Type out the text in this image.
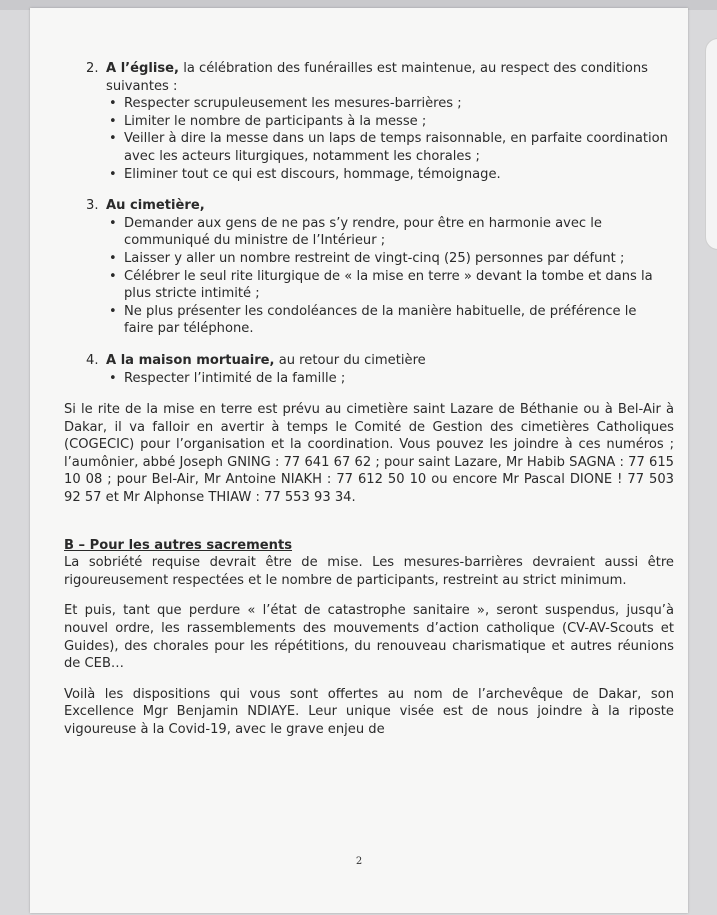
2. A l’église, la célébration des funérailles est maintenue, au respect des conditions suivantes :
• Respecter scrupuleusement les mesures-barrières ;
• Limiter le nombre de participants à la messe ;
• Veiller à dire la messe dans un laps de temps raisonnable, en parfaite coordination avec les acteurs liturgiques, notamment les chorales ;
• Eliminer tout ce qui est discours, hommage, témoignage.
3. Au cimetière,
• Demander aux gens de ne pas s’y rendre, pour être en harmonie avec le communiqué du ministre de l’Intérieur ;
• Laisser y aller un nombre restreint de vingt-cinq (25) personnes par défunt ;
• Célébrer le seul rite liturgique de « la mise en terre » devant la tombe et dans la plus stricte intimité ;
• Ne plus présenter les condoléances de la manière habituelle, de préférence le faire par téléphone.
4. A la maison mortuaire, au retour du cimetière
• Respecter l’intimité de la famille ;

Si le rite de la mise en terre est prévu au cimetière saint Lazare de Béthanie ou à Bel-Air à Dakar, il va falloir en avertir à temps le Comité de Gestion des cimetières Catholiques (COGECIC) pour l’organisation et la coordination. Vous pouvez les joindre à ces numéros ; l’aumônier, abbé Joseph GNING : 77 641 67 62 ; pour saint Lazare, Mr Habib SAGNA : 77 615 10 08 ; pour Bel-Air, Mr Antoine NIAKH : 77 612 50 10 ou encore Mr Pascal DIONE ! 77 503 92 57 et Mr Alphonse THIAW : 77 553 93 34.

B – Pour les autres sacrements

La sobriété requise devrait être de mise. Les mesures-barrières devraient aussi être rigoureusement respectées et le nombre de participants, restreint au strict minimum.

Et puis, tant que perdure « l’état de catastrophe sanitaire », seront suspendus, jusqu’à nouvel ordre, les rassemblements des mouvements d’action catholique (CV-AV-Scouts et Guides), des chorales pour les répétitions, du renouveau charismatique et autres réunions de CEB…

Voilà les dispositions qui vous sont offertes au nom de l’archevêque de Dakar, son Excellence Mgr Benjamin NDIAYE. Leur unique visée est de nous joindre à la riposte vigoureuse à la Covid-19, avec le grave enjeu de

2
